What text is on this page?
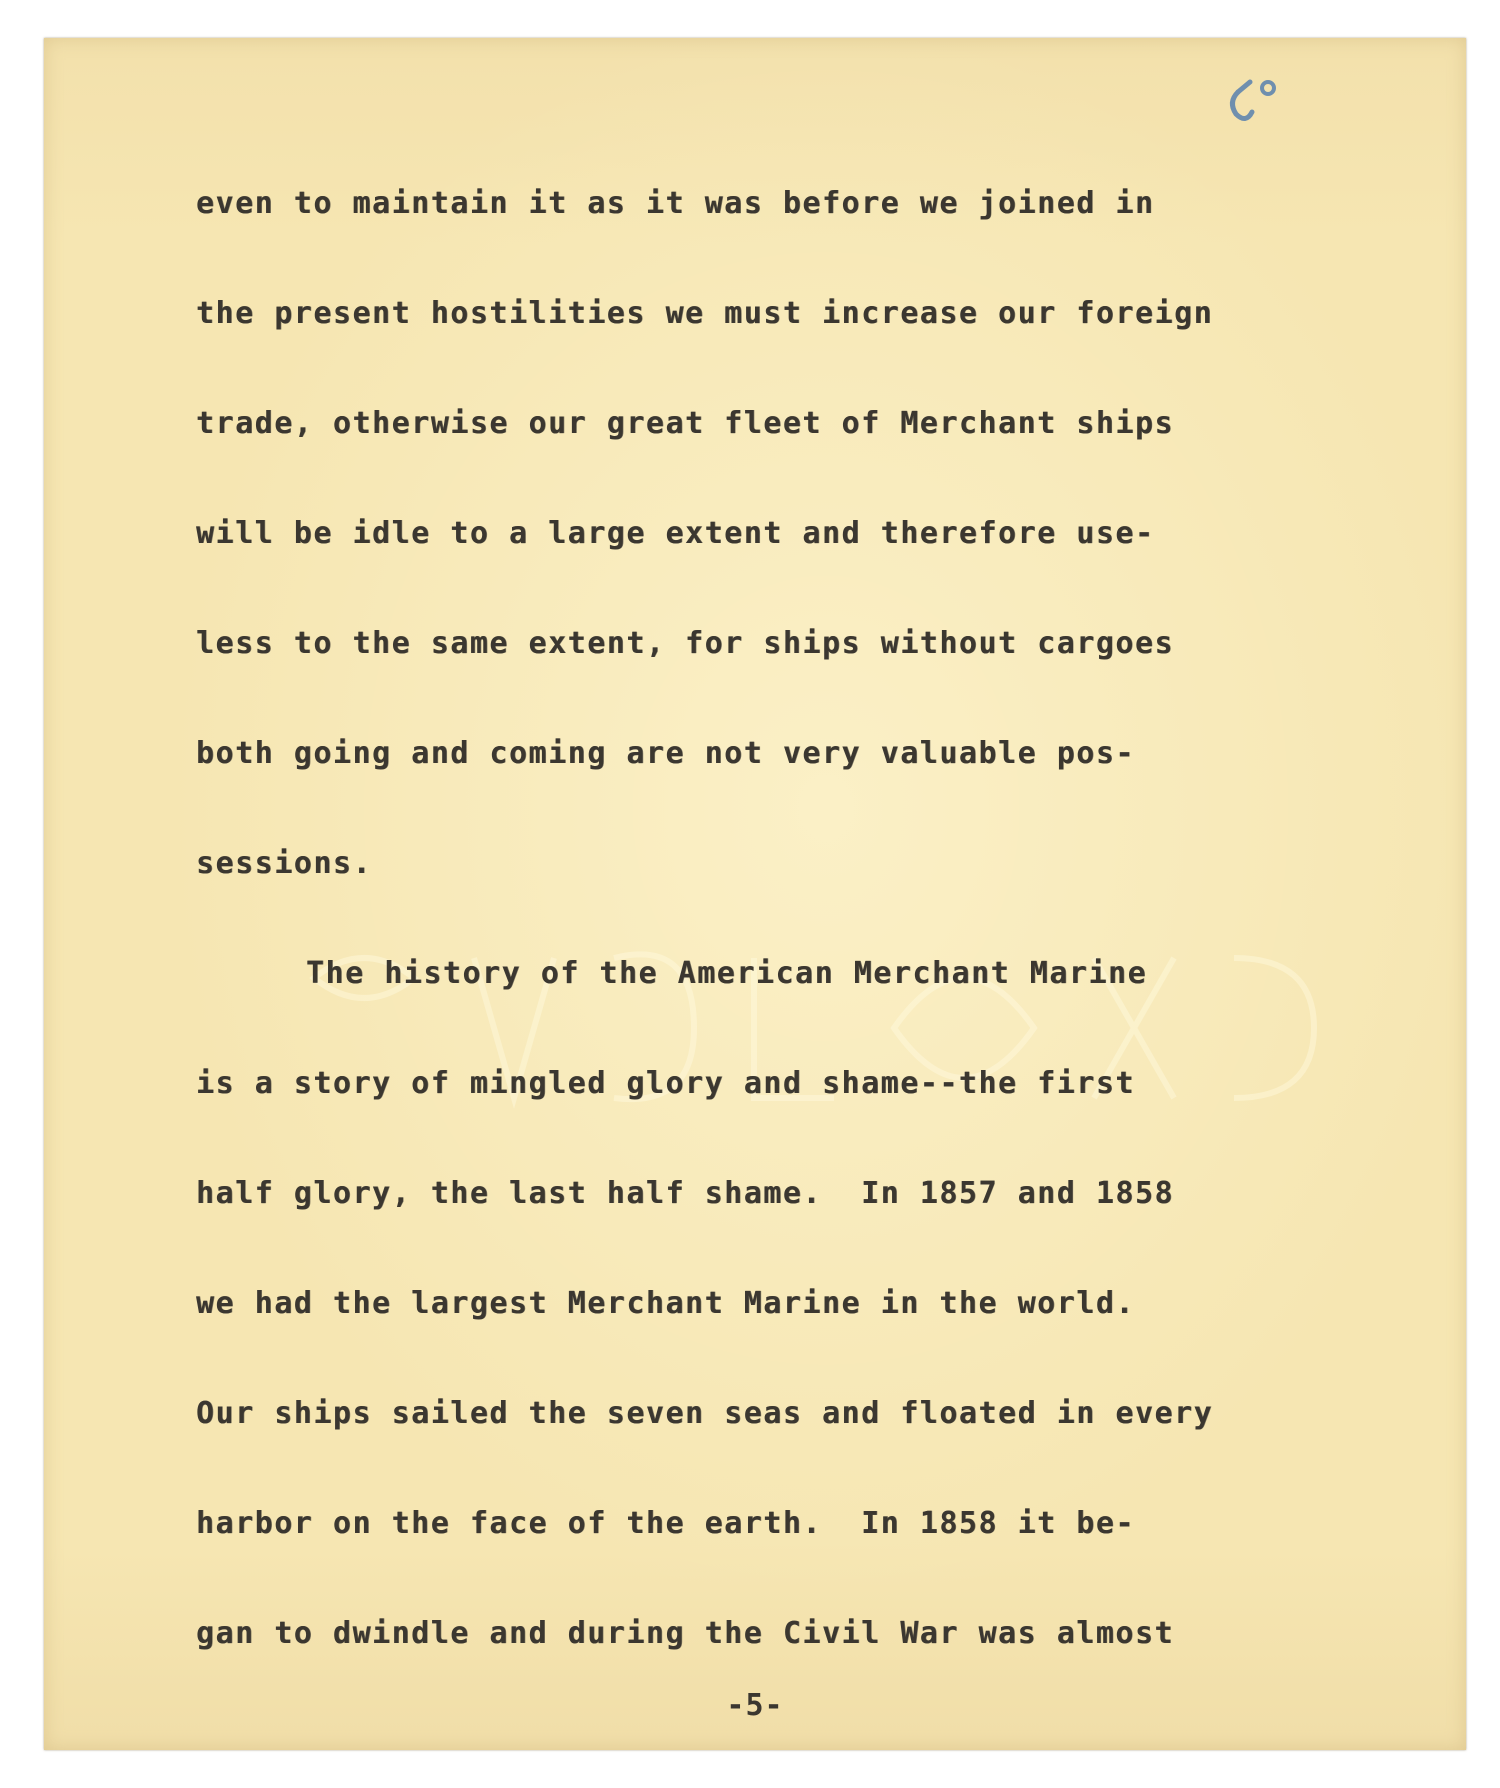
even to maintain it as it was before we joined in
the present hostilities we must increase our foreign
trade, otherwise our great fleet of Merchant ships
will be idle to a large extent and therefore use-
less to the same extent, for ships without cargoes
both going and coming are not very valuable pos-
sessions.
The history of the American Merchant Marine
is a story of mingled glory and shame--the first
half glory, the last half shame.  In 1857 and 1858
we had the largest Merchant Marine in the world.
Our ships sailed the seven seas and floated in every
harbor on the face of the earth.  In 1858 it be-
gan to dwindle and during the Civil War was almost
-5-
